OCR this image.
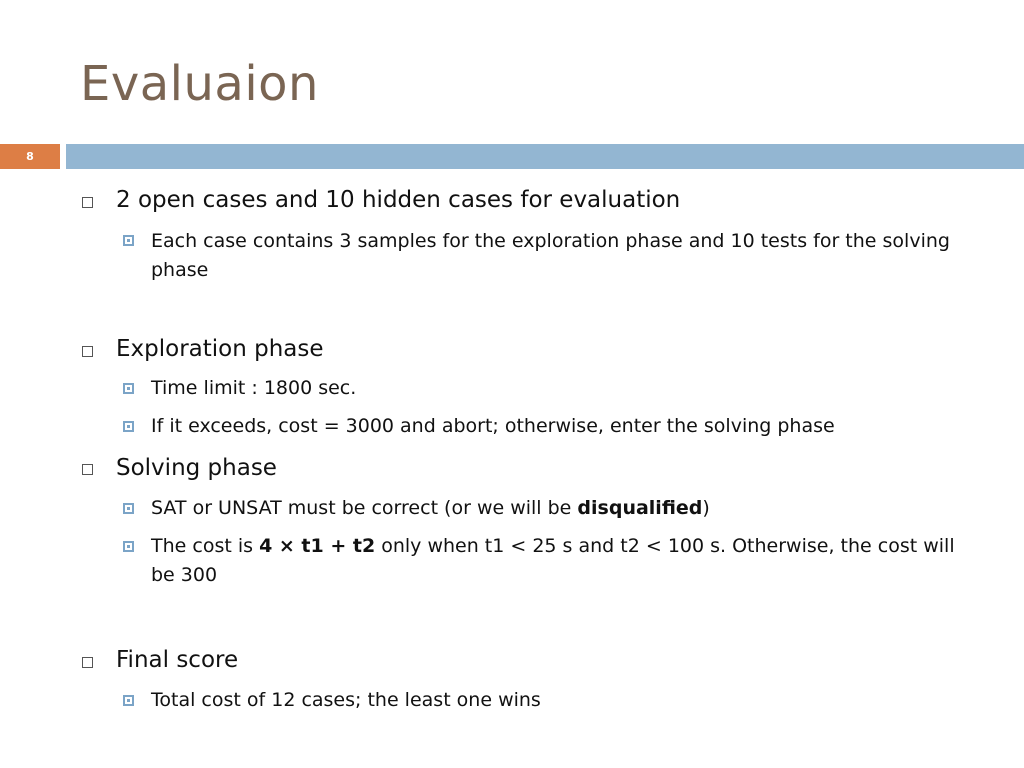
Evaluaion
8
2 open cases and 10 hidden cases for evaluation
Each case contains 3 samples for the exploration phase and 10 tests for the solving phase
Exploration phase
Time limit : 1800 sec.
If it exceeds, cost = 3000 and abort; otherwise, enter the solving phase
Solving phase
SAT or UNSAT must be correct (or we will be disqualified)
The cost is 4 × t1 + t2 only when t1 < 25 s and t2 < 100 s. Otherwise, the cost will be 300
Final score
Total cost of 12 cases; the least one wins
